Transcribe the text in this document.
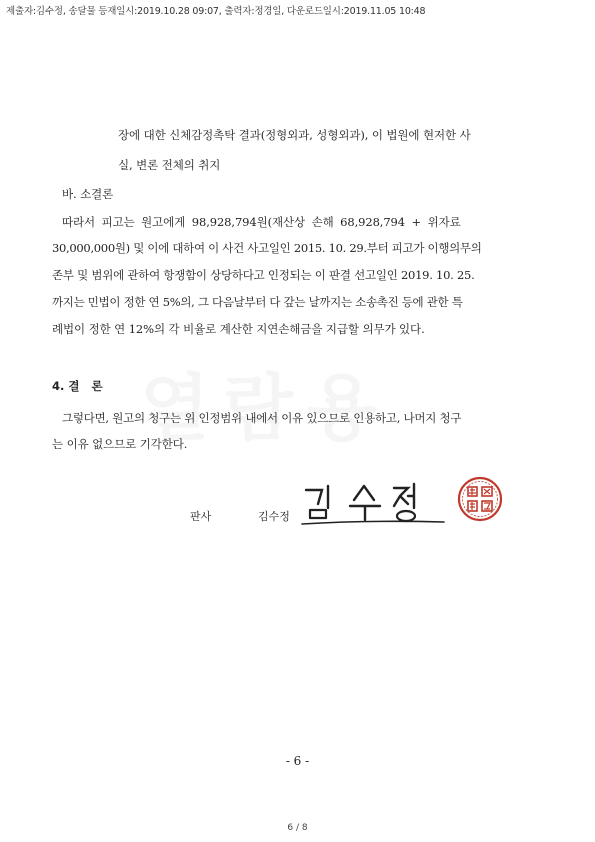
제출자:김수정, 송달물 등재일시:2019.10.28 09:07, 출력자:정경일, 다운로드일시:2019.11.05 10:48
장에 대한 신체감정촉탁 결과(정형외과, 성형외과), 이 법원에 현저한 사
실, 변론 전체의 취지
바. 소결론
따라서 피고는 원고에게 98,928,794원(재산상 손해 68,928,794 + 위자료
30,000,000원) 및 이에 대하여 이 사건 사고일인 2015. 10. 29.부터 피고가 이행의무의
존부 및 범위에 관하여 항쟁함이 상당하다고 인정되는 이 판결 선고일인 2019. 10. 25.
까지는 민법이 정한 연 5%의, 그 다음날부터 다 갚는 날까지는 소송촉진 등에 관한 특
례법이 정한 연 12%의 각 비율로 계산한 지연손해금을 지급할 의무가 있다.
4. 결   론
그렇다면, 원고의 청구는 위 인정범위 내에서 이유 있으므로 인용하고, 나머지 청구
는 이유 없으므로 기각한다.
판사	김수정
- 6 -
6 / 8
